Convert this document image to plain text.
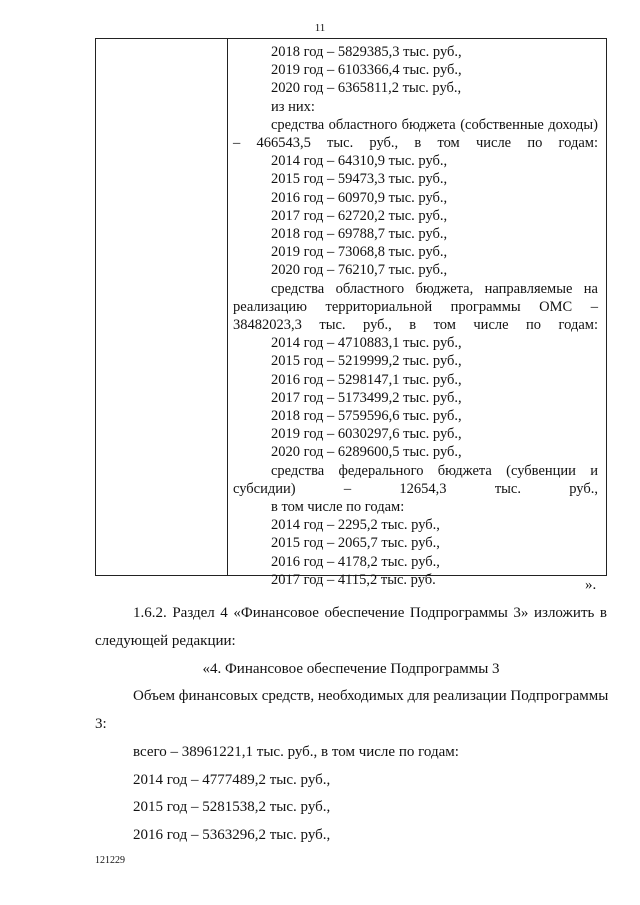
11
2018 год – 5829385,3 тыс. руб.,
2019 год – 6103366,4 тыс. руб.,
2020 год – 6365811,2 тыс. руб.,
из них:
средства областного бюджета (собственные доходы) – 466543,5 тыс. руб., в том числе по годам:
2014 год – 64310,9 тыс. руб.,
2015 год – 59473,3 тыс. руб.,
2016 год – 60970,9 тыс. руб.,
2017 год – 62720,2 тыс. руб.,
2018 год – 69788,7 тыс. руб.,
2019 год – 73068,8 тыс. руб.,
2020 год – 76210,7 тыс. руб.,
средства областного бюджета, направляемые на реализацию территориальной программы ОМС – 38482023,3 тыс. руб., в том числе по годам:
2014 год – 4710883,1 тыс. руб.,
2015 год – 5219999,2 тыс. руб.,
2016 год – 5298147,1 тыс. руб.,
2017 год – 5173499,2 тыс. руб.,
2018 год – 5759596,6 тыс. руб.,
2019 год – 6030297,6 тыс. руб.,
2020 год – 6289600,5 тыс. руб.,
средства федерального бюджета (субвенции и субсидии) – 12654,3 тыс. руб.,
в том числе по годам:
2014 год – 2295,2 тыс. руб.,
2015 год – 2065,7 тыс. руб.,
2016 год – 4178,2 тыс. руб.,
2017 год – 4115,2 тыс. руб.	».
1.6.2. Раздел 4 «Финансовое обеспечение Подпрограммы 3» изложить в
следующей редакции:
«4. Финансовое обеспечение Подпрограммы 3
Объем финансовых средств, необходимых для реализации Подпрограммы
3:
всего – 38961221,1 тыс. руб., в том числе по годам:
2014 год – 4777489,2 тыс. руб.,
2015 год – 5281538,2 тыс. руб.,
2016 год – 5363296,2 тыс. руб.,
121229
